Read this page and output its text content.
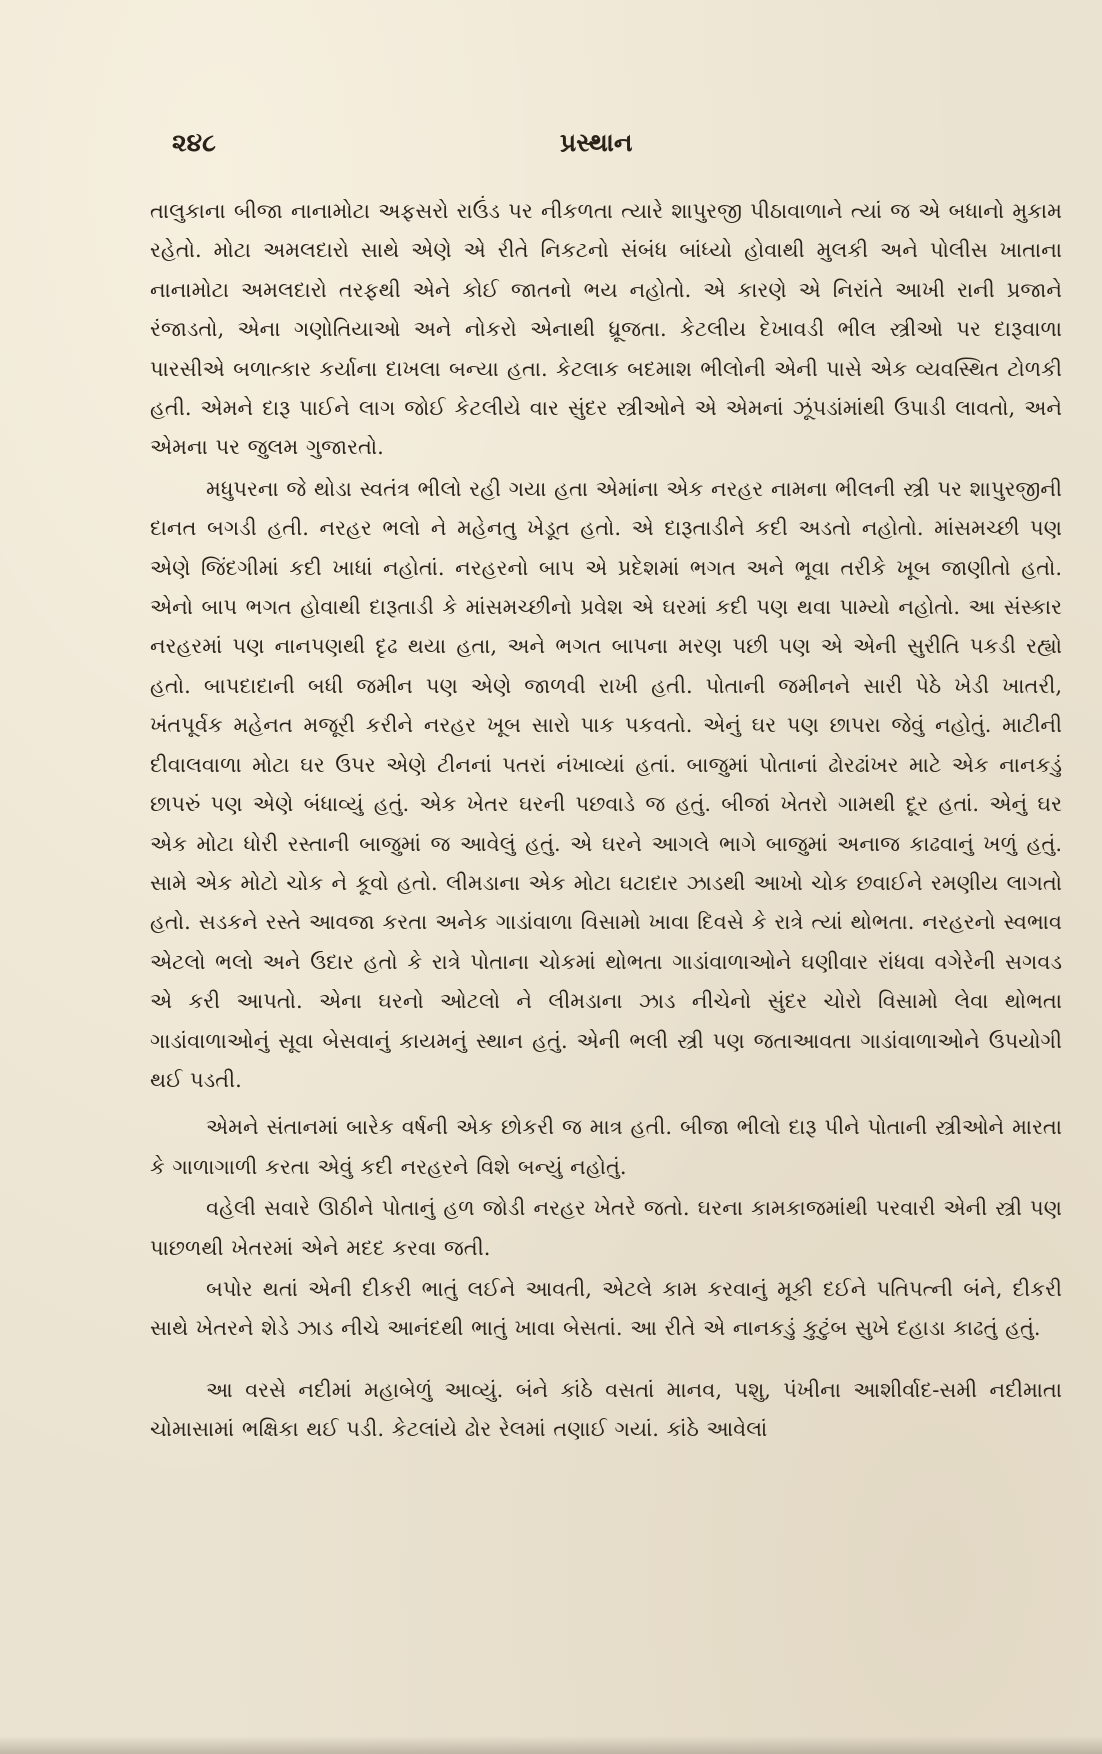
૨૪૮	પ્રસ્થાન

તાલુકાના બીજા નાનામોટા અફસરો રાઉંડ પર નીકળતા ત્યારે શાપુરજી પીઠાવાળાને ત્યાં જ એ બધાનો મુકામ રહેતો. મોટા અમલદારો સાથે એણે એ રીતે નિકટનો સંબંધ બાંધ્યો હોવાથી મુલકી અને પોલીસ ખાતાના નાનામોટા અમલદારો તરફથી એને કોઈ જાતનો ભય નહોતો. એ કારણે એ નિરાંતે આખી રાની પ્રજાને રંજાડતો, એના ગણોતિયાઓ અને નોકરો એનાથી ધ્રૂજતા. કેટલીય દેખાવડી ભીલ સ્ત્રીઓ પર દારૂવાળા પારસીએ બળાત્કાર કર્યાના દાખલા બન્યા હતા. કેટલાક બદમાશ ભીલોની એની પાસે એક વ્યવસ્થિત ટોળકી હતી. એમને દારૂ પાઈને લાગ જોઈ કેટલીયે વાર સુંદર સ્ત્રીઓને એ એમનાં ઝૂંપડાંમાંથી ઉપાડી લાવતો, અને એમના પર જુલમ ગુજારતો.

મધુપરના જે થોડા સ્વતંત્ર ભીલો રહી ગયા હતા એમાંના એક નરહર નામના ભીલની સ્ત્રી પર શાપુરજીની દાનત બગડી હતી. નરહર ભલો ને મહેનતુ ખેડૂત હતો. એ દારૂતાડીને કદી અડતો નહોતો. માંસમચ્છી પણ એણે જિંદગીમાં કદી ખાધાં નહોતાં. નરહરનો બાપ એ પ્રદેશમાં ભગત અને ભૂવા તરીકે ખૂબ જાણીતો હતો. એનો બાપ ભગત હોવાથી દારૂતાડી કે માંસમચ્છીનો પ્રવેશ એ ઘરમાં કદી પણ થવા પામ્યો નહોતો. આ સંસ્કાર નરહરમાં પણ નાનપણથી દૃઢ થયા હતા, અને ભગત બાપના મરણ પછી પણ એ એની સુરીતિ પકડી રહ્યો હતો. બાપદાદાની બધી જમીન પણ એણે જાળવી રાખી હતી. પોતાની જમીનને સારી પેઠે ખેડી ખાતરી, ખંતપૂર્વક મહેનત મજૂરી કરીને નરહર ખૂબ સારો પાક પકવતો. એનું ઘર પણ છાપરા જેવું નહોતું. માટીની દીવાલવાળા મોટા ઘર ઉપર એણે ટીનનાં પતરાં નંખાવ્યાં હતાં. બાજુમાં પોતાનાં ઢોરઢાંખર માટે એક નાનકડું છાપરું પણ એણે બંધાવ્યું હતું. એક ખેતર ઘરની પછવાડે જ હતું. બીજાં ખેતરો ગામથી દૂર હતાં. એનું ઘર એક મોટા ધોરી રસ્તાની બાજુમાં જ આવેલું હતું. એ ઘરને આગલે ભાગે બાજુમાં અનાજ કાઢવાનું ખળું હતું. સામે એક મોટો ચોક ને કૂવો હતો. લીમડાના એક મોટા ઘટાદાર ઝાડથી આખો ચોક છવાઈને રમણીય લાગતો હતો. સડકને રસ્તે આવજા કરતા અનેક ગાડાંવાળા વિસામો ખાવા દિવસે કે રાત્રે ત્યાં થોભતા. નરહરનો સ્વભાવ એટલો ભલો અને ઉદાર હતો કે રાત્રે પોતાના ચોકમાં થોભતા ગાડાંવાળાઓને ઘણીવાર રાંધવા વગેરેની સગવડ એ કરી આપતો. એના ઘરનો ઓટલો ને લીમડાના ઝાડ નીચેનો સુંદર ચોરો વિસામો લેવા થોભતા ગાડાંવાળાઓનું સૂવા બેસવાનું કાયમનું સ્થાન હતું. એની ભલી સ્ત્રી પણ જતાઆવતા ગાડાંવાળાઓને ઉપયોગી થઈ પડતી.

એમને સંતાનમાં બારેક વર્ષની એક છોકરી જ માત્ર હતી. બીજા ભીલો દારૂ પીને પોતાની સ્ત્રીઓને મારતા કે ગાળાગાળી કરતા એવું કદી નરહરને વિશે બન્યું નહોતું.

વહેલી સવારે ઊઠીને પોતાનું હળ જોડી નરહર ખેતરે જતો. ઘરના કામકાજમાંથી પરવારી એની સ્ત્રી પણ પાછળથી ખેતરમાં એને મદદ કરવા જતી.

બપોર થતાં એની દીકરી ભાતું લઈને આવતી, એટલે કામ કરવાનું મૂકી દઈને પતિપત્ની બંને, દીકરી સાથે ખેતરને શેડે ઝાડ નીચે આનંદથી ભાતું ખાવા બેસતાં. આ રીતે એ નાનકડું કુટુંબ સુખે દહાડા કાઢતું હતું.

આ વરસે નદીમાં મહાબેળું આવ્યું. બંને કાંઠે વસતાં માનવ, પશુ, પંખીના આશીર્વાદ-સમી નદીમાતા ચોમાસામાં ભક્ષિકા થઈ પડી. કેટલાંયે ઢોર રેલમાં તણાઈ ગયાં. કાંઠે આવેલાં
